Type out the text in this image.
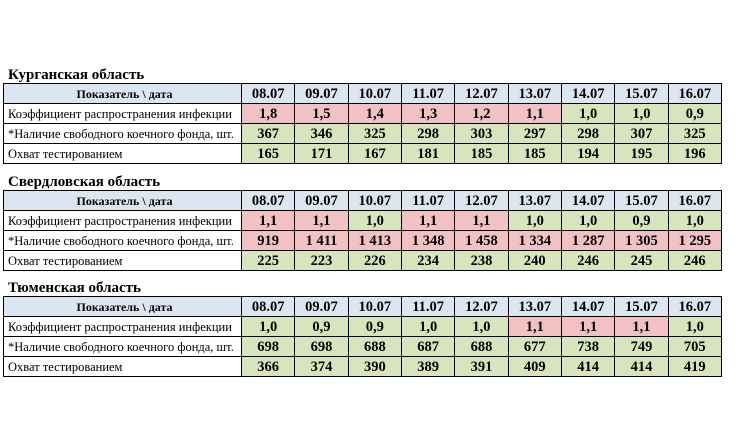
Курганская область
Показатель \ дата	08.07	09.07	10.07	11.07	12.07	13.07	14.07	15.07	16.07
Коэффициент распространения инфекции	1,8	1,5	1,4	1,3	1,2	1,1	1,0	1,0	0,9
*Наличие свободного коечного фонда, шт.	367	346	325	298	303	297	298	307	325
Охват тестированием	165	171	167	181	185	185	194	195	196
Свердловская область
Показатель \ дата	08.07	09.07	10.07	11.07	12.07	13.07	14.07	15.07	16.07
Коэффициент распространения инфекции	1,1	1,1	1,0	1,1	1,1	1,0	1,0	0,9	1,0
*Наличие свободного коечного фонда, шт.	919	1 411	1 413	1 348	1 458	1 334	1 287	1 305	1 295
Охват тестированием	225	223	226	234	238	240	246	245	246
Тюменская область
Показатель \ дата	08.07	09.07	10.07	11.07	12.07	13.07	14.07	15.07	16.07
Коэффициент распространения инфекции	1,0	0,9	0,9	1,0	1,0	1,1	1,1	1,1	1,0
*Наличие свободного коечного фонда, шт.	698	698	688	687	688	677	738	749	705
Охват тестированием	366	374	390	389	391	409	414	414	419
